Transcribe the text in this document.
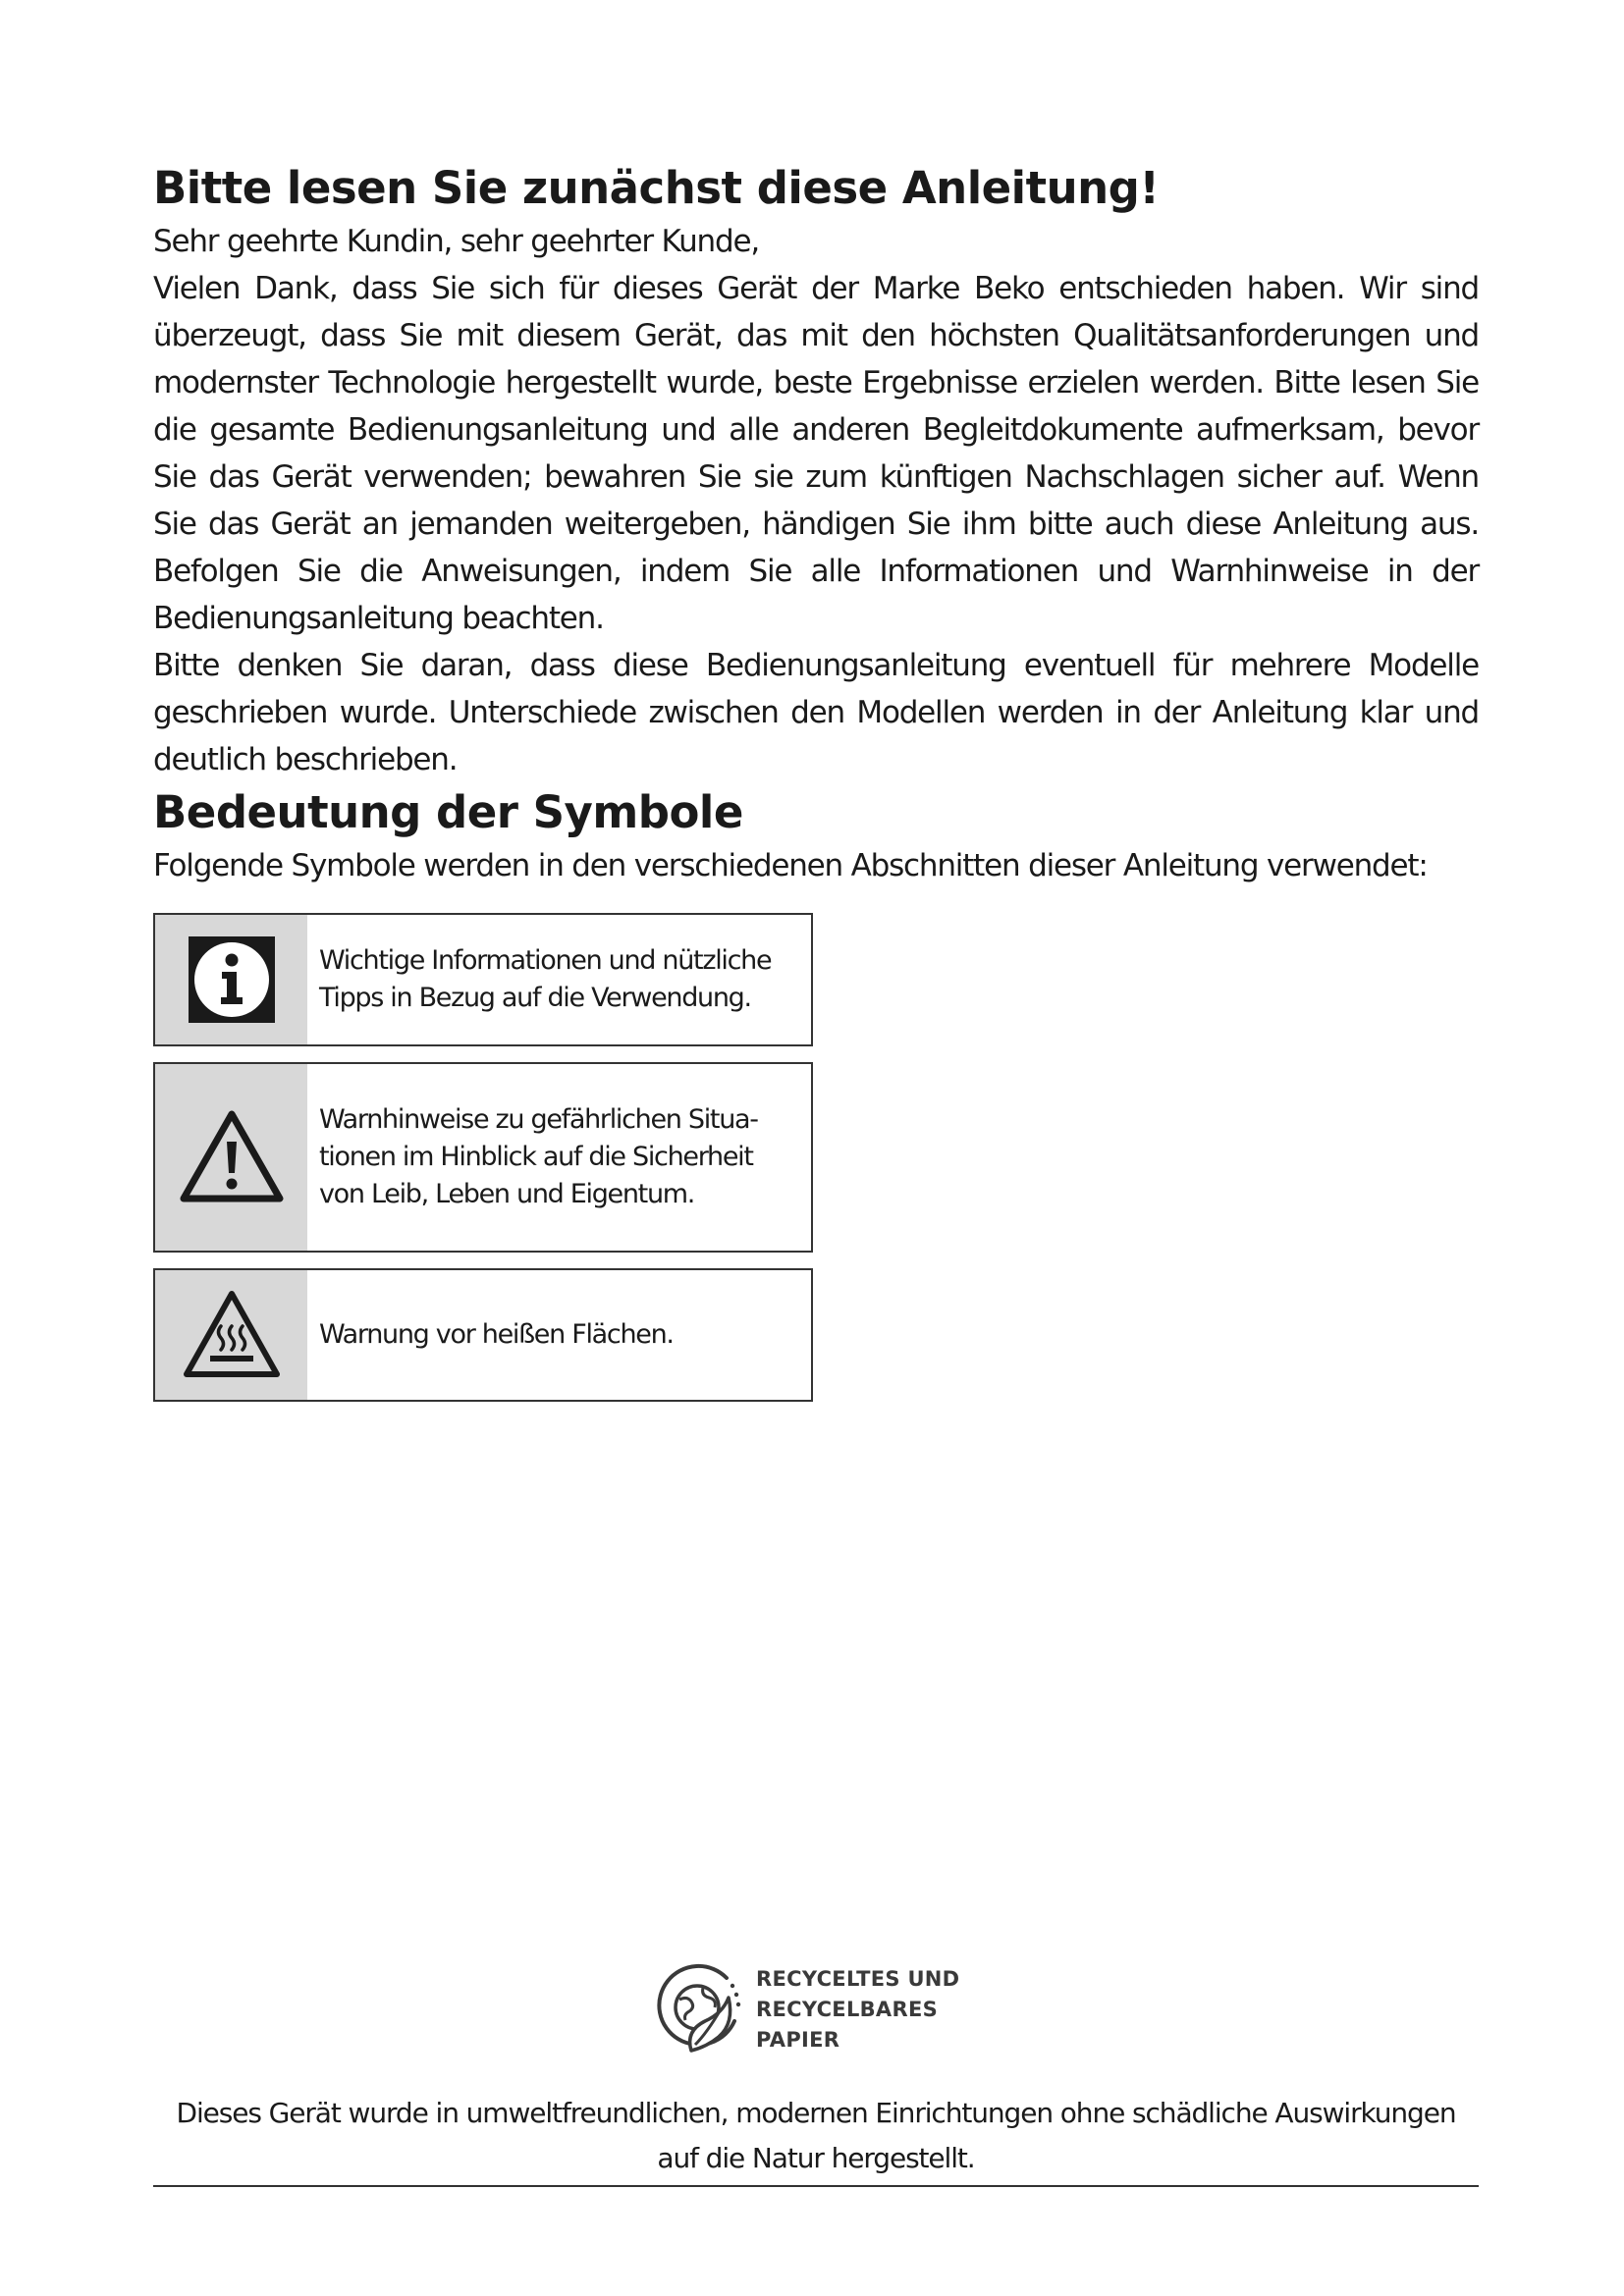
Bitte lesen Sie zunächst diese Anleitung!

Sehr geehrte Kundin, sehr geehrter Kunde,

Vielen Dank, dass Sie sich für dieses Gerät der Marke Beko entschieden haben. Wir sind überzeugt, dass Sie mit diesem Gerät, das mit den höchsten Qualitätsanforderungen und modernster Technologie hergestellt wurde, beste Ergebnisse erzielen werden. Bitte lesen Sie die gesamte Bedienungsanleitung und alle anderen Begleitdokumente aufmerksam, bevor Sie das Gerät verwenden; bewahren Sie sie zum künftigen Nachschlagen sicher auf. Wenn Sie das Gerät an jemanden weitergeben, händigen Sie ihm bitte auch diese Anleitung aus. Befolgen Sie die Anweisungen, indem Sie alle Informationen und Warnhinweise in der Bedienungsanleitung beachten.

Bitte denken Sie daran, dass diese Bedienungsanleitung eventuell für mehrere Modelle geschrieben wurde. Unterschiede zwischen den Modellen werden in der Anleitung klar und deutlich beschrieben.

Bedeutung der Symbole

Folgende Symbole werden in den verschiedenen Abschnitten dieser Anleitung verwendet:

Wichtige Informationen und nützliche
Tipps in Bezug auf die Verwendung.
Warnhinweise zu gefährlichen Situa-
tionen im Hinblick auf die Sicherheit
von Leib, Leben und Eigentum.
Warnung vor heißen Flächen.
RECYCELTES UND
RECYCELBARES
PAPIER
Dieses Gerät wurde in umweltfreundlichen, modernen Einrichtungen ohne schädliche Auswirkungen
auf die Natur hergestellt.
